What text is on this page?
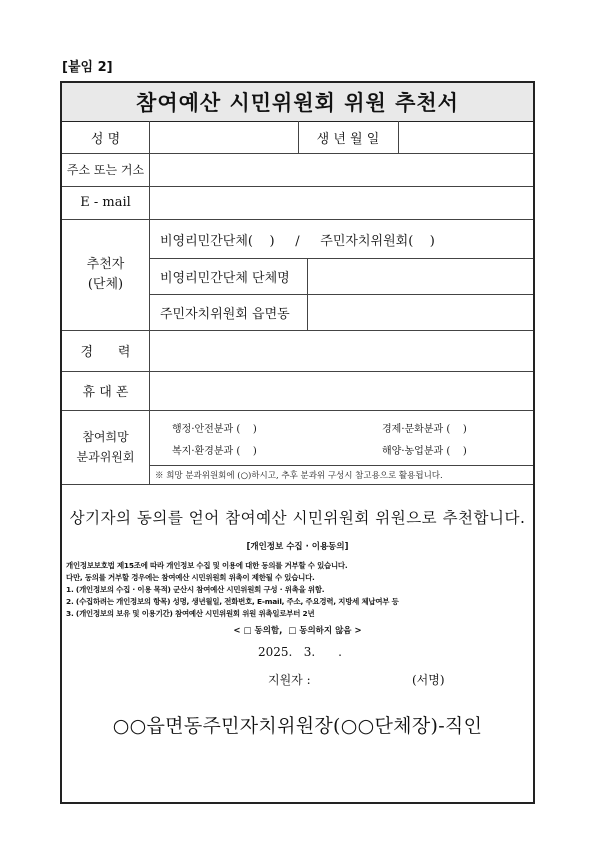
[붙임 2]
참여예산 시민위원회 위원 추천서
성 명	생 년 월 일
주소 또는 거소
E - mail
추천자
(단체)
비영리민간단체(    )     /     주민자치위원회(    )
비영리민간단체 단체명
주민자치위원회 읍면동
경      력
휴 대 폰
참여희망
분과위원회
행정·안전분과 (    )	경제·문화분과 (    )
복지·환경분과 (    )	해양·농업분과 (    )
※ 희망 분과위원회에 (○)하시고, 추후 분과위 구성시 참고용으로 활용됩니다.
상기자의 동의를 얻어 참여예산 시민위원회 위원으로 추천합니다.
[개인정보 수집 · 이용동의]
개인정보보호법 제15조에 따라 개인정보 수집 및 이용에 대한 동의를 거부할 수 있습니다.
다만, 동의를 거부할 경우에는 참여예산 시민위원회 위촉이 제한될 수 있습니다.
1. (개인정보의 수집 · 이용 목적) 군산시 참여예산 시민위원회 구성 · 위촉을 위함.
2. (수집하려는 개인정보의 항목) 성명, 생년월일, 전화번호, E-mail, 주소, 주요경력, 지방세 체납여부 등
3. (개인정보의 보유 및 이용기간) 참여예산 시민위원회 위원 위촉일로부터 2년
< □ 동의함,  □ 동의하지 않음 >
2025.   3.      .
지원자 :	(서명)
○○읍면동주민자치위원장(○○단체장)-직인
